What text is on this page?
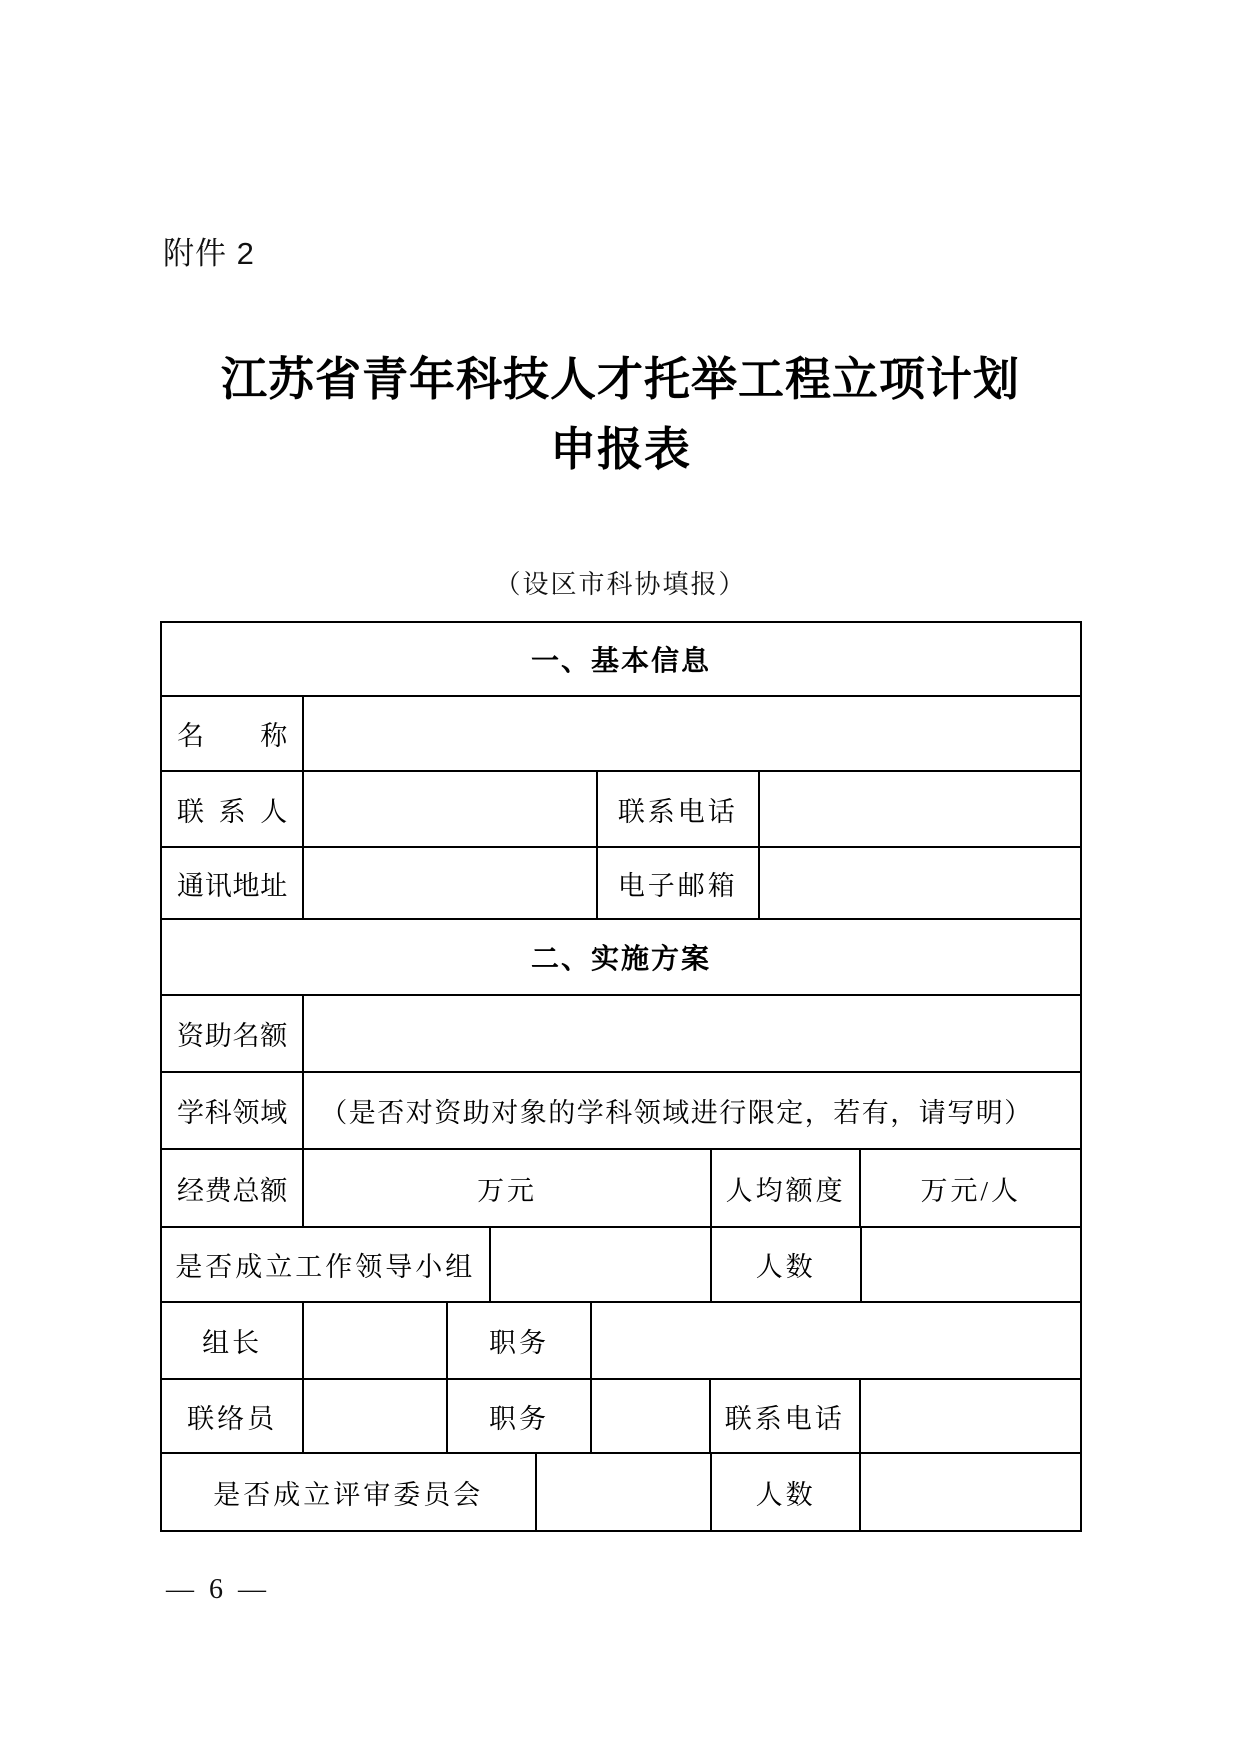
附件 2
江苏省青年科技人才托举工程立项计划
申报表
（设区市科协填报）
一、基本信息
名称
联系人	联系电话
通讯地址	电子邮箱
二、实施方案
资助名额
学科领域	（是否对资助对象的学科领域进行限定，若有，请写明）
经费总额	万元	人均额度	万元/人
是否成立工作领导小组	人数
组长	职务
联络员	职务	联系电话
是否成立评审委员会	人数
— 6 —
